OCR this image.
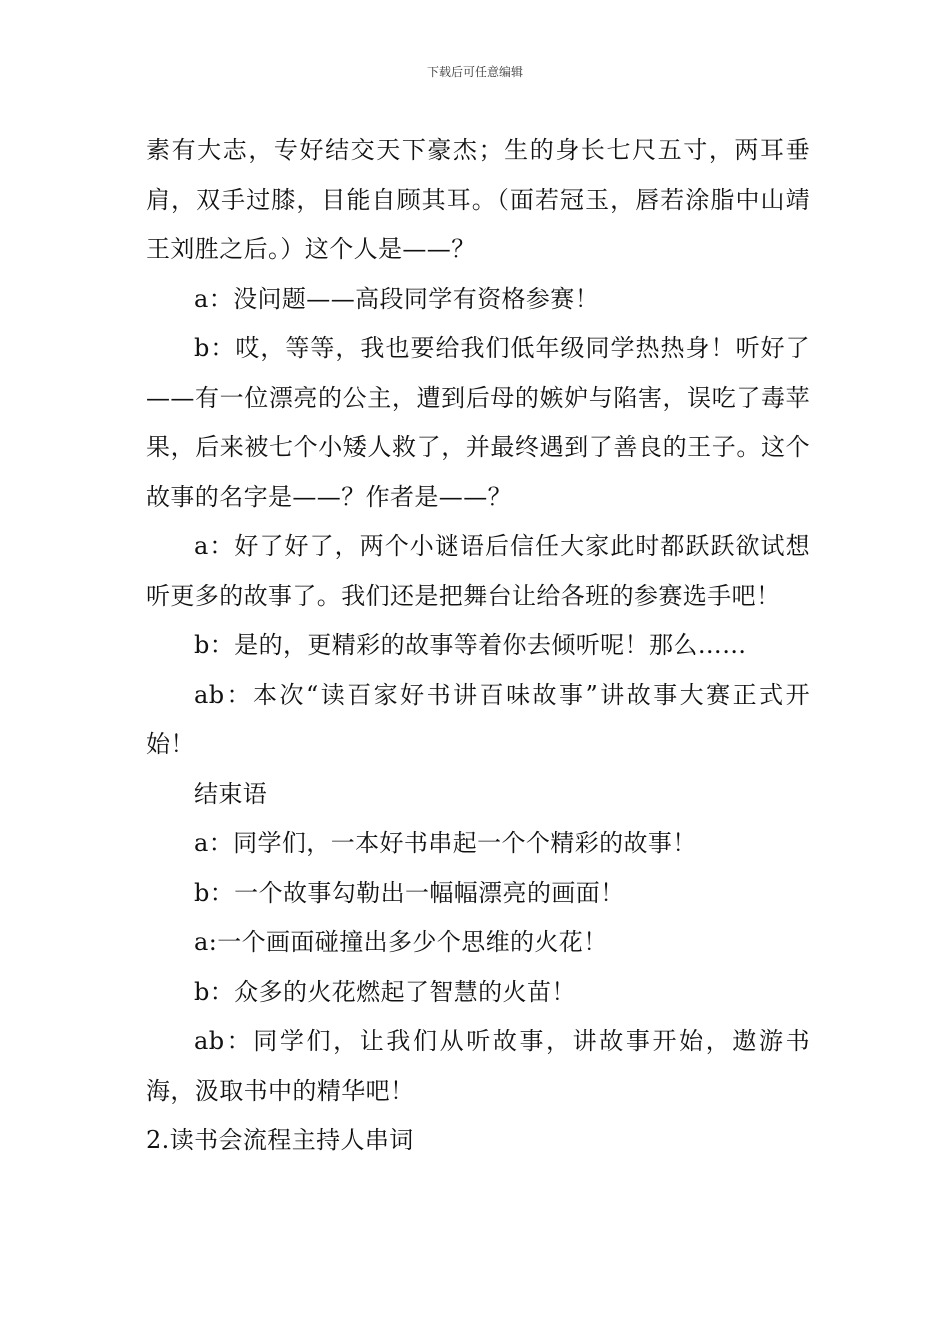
下载后可任意编辑

素有大志，专好结交天下豪杰；生的身长七尺五寸，两耳垂肩，双手过膝，目能自顾其耳。（面若冠玉，唇若涂脂中山靖王刘胜之后。）这个人是——？

a：没问题——高段同学有资格参赛！

b：哎，等等，我也要给我们低年级同学热热身！听好了——有一位漂亮的公主，遭到后母的嫉妒与陷害，误吃了毒苹果，后来被七个小矮人救了，并最终遇到了善良的王子。这个故事的名字是——？作者是——？

a：好了好了，两个小谜语后信任大家此时都跃跃欲试想听更多的故事了。我们还是把舞台让给各班的参赛选手吧！

b：是的，更精彩的故事等着你去倾听呢！那么……

ab：本次“读百家好书讲百味故事”讲故事大赛正式开始！

结束语

a：同学们，一本好书串起一个个精彩的故事！

b：一个故事勾勒出一幅幅漂亮的画面！

a:一个画面碰撞出多少个思维的火花！

b：众多的火花燃起了智慧的火苗！

ab：同学们，让我们从听故事，讲故事开始，遨游书海，汲取书中的精华吧！

2.读书会流程主持人串词
